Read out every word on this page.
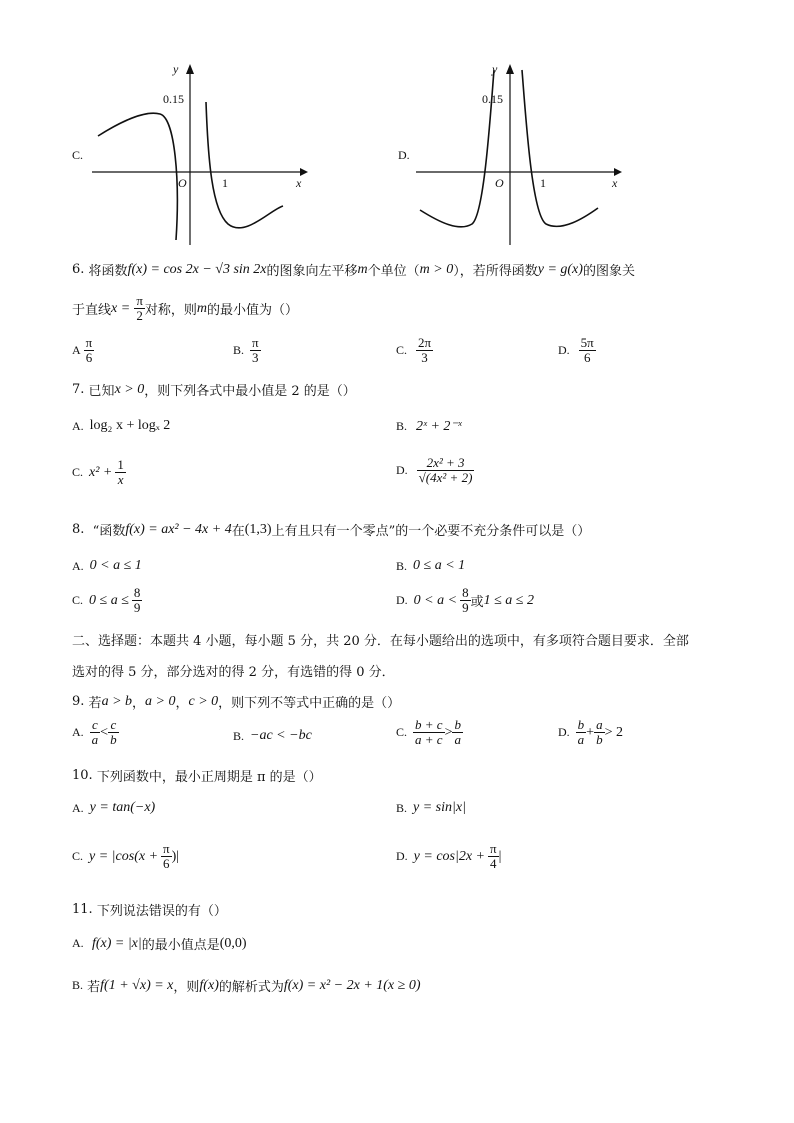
C.
y
0.15
O	1	x
D.
y
0.15
O	1	x
6.
将函数 f(x) = cos 2x − √3 sin 2x 的图象向左平移 m 个单位（ m > 0 ），若所得函数 y = g(x) 的图象关
于直线 x =
$\frac{\pi}{2}$ 对称，则 m 的最小值为（）
A
$\frac{\pi}{6}$	B.
$\frac{\pi}{3}$	C.
$\frac{2\pi}{3}$	D.
$\frac{5\pi}{6}$
7.
已知 x > 0 ，则下列各式中最小值是 2 的是（）
A.
log₂ x + logₓ 2	B.
2ˣ + 2⁻ˣ
C.
x² +
$\frac{1}{x}$	D.
$\frac{\text{2x² + 3}}{\text{√(4x² + 2)}}$
8.
“函数 f(x) = ax² − 4x + 4 在 (1,3) 上有且只有一个零点”的一个必要不充分条件可以是（）
A.
0 < a ≤ 1	B.
0 ≤ a < 1
C.
0 ≤ a ≤
$\frac{8}{9}$	D.
0 < a <
$\frac{8}{9}$ 或 1 ≤ a ≤ 2
二、选择题：本题共 4 小题，每小题 5 分，共 20 分．在每小题给出的选项中，有多项符合题目要求．全部
选对的得 5 分，部分选对的得 2 分，有选错的得 0 分．
9.
若 a > b ， a > 0 ， c > 0 ，则下列不等式中正确的是（）
A.
$\frac{c}{a} < \frac{c}{b}$	B.
−ac < −bc	C.
$\frac{b + c}{a + c} > \frac{b}{a}$	D.
$\frac{b}{a} + \frac{a}{b} > 2$
10.
下列函数中，最小正周期是 π 的是（）
A.
y = tan(−x)	B.
y = sin|x|
C.
y = |cos(x +
$\frac{\pi}{6}$ )|	D.
y = cos|2x +
$\frac{\pi}{4}$ |
11.
下列说法错误的有（）
A.
f(x) = |x| 的最小值点是 (0,0)
B.
若 f(1 + √x) = x ，则 f(x) 的解析式为 f(x) = x² − 2x + 1(x ≥ 0)
